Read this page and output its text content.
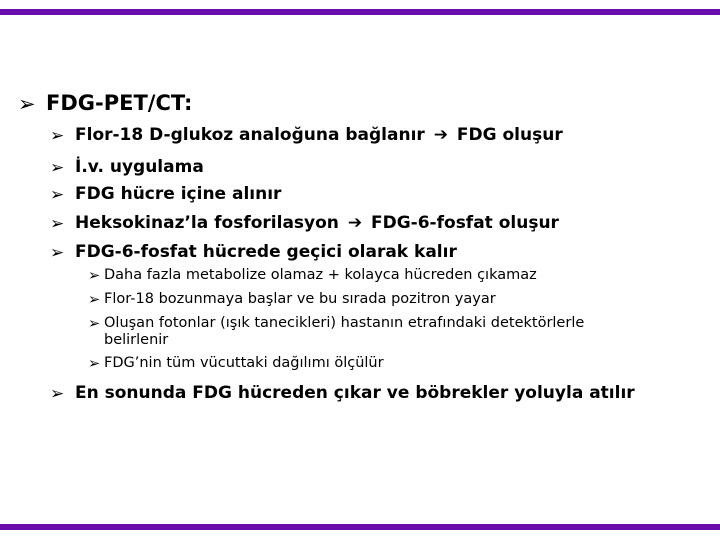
➢ FDG-PET/CT:
➢ Flor-18 D-glukoz analoğuna bağlanır ➔ FDG oluşur
➢ İ.v. uygulama
➢ FDG hücre içine alınır
➢ Heksokinaz’la fosforilasyon ➔ FDG-6-fosfat oluşur
➢ FDG-6-fosfat hücrede geçici olarak kalır
➢ Daha fazla metabolize olamaz + kolayca hücreden çıkamaz
➢ Flor-18 bozunmaya başlar ve bu sırada pozitron yayar
➢ Oluşan fotonlar (ışık tanecikleri) hastanın etrafındaki detektörlerle
belirlenir
➢ FDG’nin tüm vücuttaki dağılımı ölçülür
➢ En sonunda FDG hücreden çıkar ve böbrekler yoluyla atılır
